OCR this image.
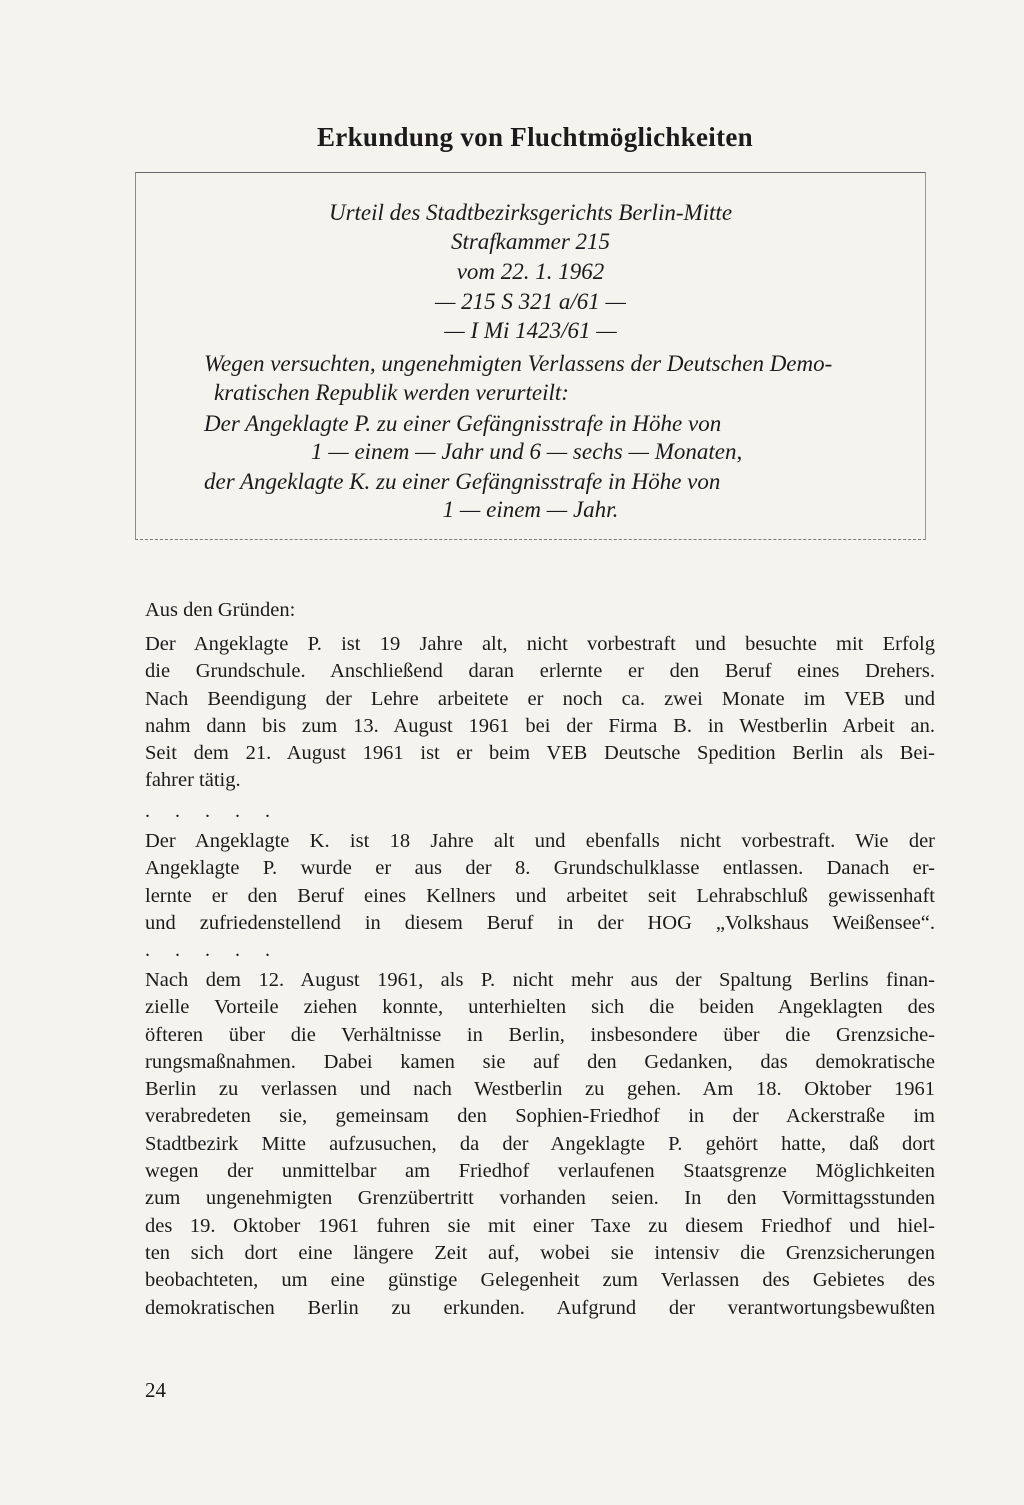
Erkundung von Fluchtmöglichkeiten
Urteil des Stadtbezirksgerichts Berlin-Mitte
Strafkammer 215
vom 22. 1. 1962
— 215 S 321 a/61 —
— I Mi 1423/61 —
Wegen versuchten, ungenehmigten Verlassens der Deutschen Demo-
kratischen Republik werden verurteilt:
Der Angeklagte P. zu einer Gefängnisstrafe in Höhe von
1 — einem — Jahr und 6 — sechs — Monaten,
der Angeklagte K. zu einer Gefängnisstrafe in Höhe von
1 — einem — Jahr.
Aus den Gründen:
Der Angeklagte P. ist 19 Jahre alt, nicht vorbestraft und besuchte mit Erfolg
die Grundschule. Anschließend daran erlernte er den Beruf eines Drehers.
Nach Beendigung der Lehre arbeitete er noch ca. zwei Monate im VEB und
nahm dann bis zum 13. August 1961 bei der Firma B. in Westberlin Arbeit an.
Seit dem 21. August 1961 ist er beim VEB Deutsche Spedition Berlin als Bei-
fahrer tätig.
. . . . .
Der Angeklagte K. ist 18 Jahre alt und ebenfalls nicht vorbestraft. Wie der
Angeklagte P. wurde er aus der 8. Grundschulklasse entlassen. Danach er-
lernte er den Beruf eines Kellners und arbeitet seit Lehrabschluß gewissenhaft
und zufriedenstellend in diesem Beruf in der HOG „Volkshaus Weißensee“.
. . . . .
Nach dem 12. August 1961, als P. nicht mehr aus der Spaltung Berlins finan-
zielle Vorteile ziehen konnte, unterhielten sich die beiden Angeklagten des
öfteren über die Verhältnisse in Berlin, insbesondere über die Grenzsiche-
rungsmaßnahmen. Dabei kamen sie auf den Gedanken, das demokratische
Berlin zu verlassen und nach Westberlin zu gehen. Am 18. Oktober 1961
verabredeten sie, gemeinsam den Sophien-Friedhof in der Ackerstraße im
Stadtbezirk Mitte aufzusuchen, da der Angeklagte P. gehört hatte, daß dort
wegen der unmittelbar am Friedhof verlaufenen Staatsgrenze Möglichkeiten
zum ungenehmigten Grenzübertritt vorhanden seien. In den Vormittagsstunden
des 19. Oktober 1961 fuhren sie mit einer Taxe zu diesem Friedhof und hiel-
ten sich dort eine längere Zeit auf, wobei sie intensiv die Grenzsicherungen
beobachteten, um eine günstige Gelegenheit zum Verlassen des Gebietes des
demokratischen Berlin zu erkunden. Aufgrund der verantwortungsbewußten
24
